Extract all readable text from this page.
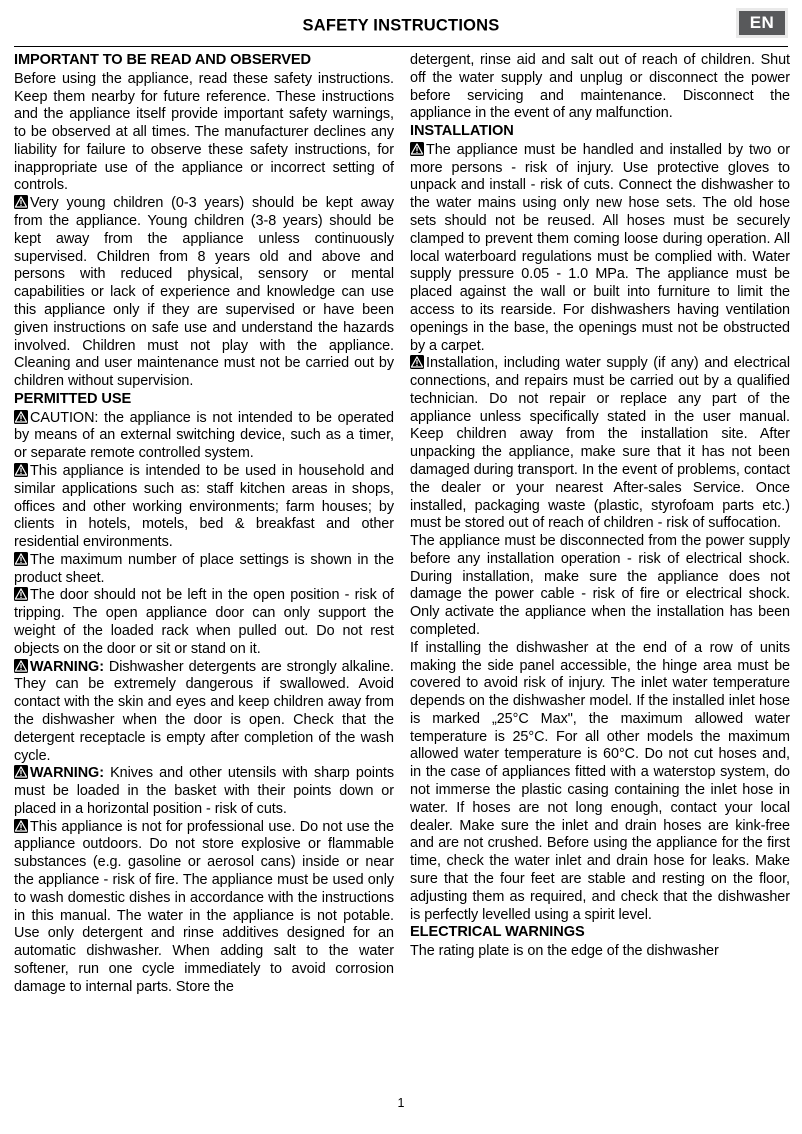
SAFETY INSTRUCTIONS	EN
IMPORTANT TO BE READ AND OBSERVED

Before using the appliance, read these safety instructions. Keep them nearby for future reference. These instructions and the appliance itself provide important safety warnings, to be observed at all times. The manufacturer declines any liability for failure to observe these safety instructions, for inappropriate use of the appliance or incorrect setting of controls.

Very young children (0-3 years) should be kept away from the appliance. Young children (3-8 years) should be kept away from the appliance unless continuously supervised. Children from 8 years old and above and persons with reduced physical, sensory or mental capabilities or lack of experience and knowledge can use this appliance only if they are supervised or have been given instructions on safe use and understand the hazards involved. Children must not play with the appliance. Cleaning and user maintenance must not be carried out by children without supervision.

PERMITTED USE

CAUTION: the appliance is not intended to be operated by means of an external switching device, such as a timer, or separate remote controlled system.

This appliance is intended to be used in household and similar applications such as: staff kitchen areas in shops, offices and other working environments; farm houses; by clients in hotels, motels, bed & breakfast and other residential environments.

The maximum number of place settings is shown in the product sheet.

The door should not be left in the open position - risk of tripping. The open appliance door can only support the weight of the loaded rack when pulled out. Do not rest objects on the door or sit or stand on it.

WARNING: Dishwasher detergents are strongly alkaline. They can be extremely dangerous if swallowed. Avoid contact with the skin and eyes and keep children away from the dishwasher when the door is open. Check that the detergent receptacle is empty after completion of the wash cycle.

WARNING: Knives and other utensils with sharp points must be loaded in the basket with their points down or placed in a horizontal position - risk of cuts.

This appliance is not for professional use. Do not use the appliance outdoors. Do not store explosive or flammable substances (e.g. gasoline or aerosol cans) inside or near the appliance - risk of fire. The appliance must be used only to wash domestic dishes in accordance with the instructions in this manual. The water in the appliance is not potable. Use only detergent and rinse additives designed for an automatic dishwasher. When adding salt to the water softener, run one cycle immediately to avoid corrosion damage to internal parts. Store the

detergent, rinse aid and salt out of reach of children. Shut off the water supply and unplug or disconnect the power before servicing and maintenance. Disconnect the appliance in the event of any malfunction.

INSTALLATION

The appliance must be handled and installed by two or more persons - risk of injury. Use protective gloves to unpack and install - risk of cuts. Connect the dishwasher to the water mains using only new hose sets. The old hose sets should not be reused. All hoses must be securely clamped to prevent them coming loose during operation. All local waterboard regulations must be complied with. Water supply pressure 0.05 - 1.0 MPa. The appliance must be placed against the wall or built into furniture to limit the access to its rearside. For dishwashers having ventilation openings in the base, the openings must not be obstructed by a carpet.

Installation, including water supply (if any) and electrical connections, and repairs must be carried out by a qualified technician. Do not repair or replace any part of the appliance unless specifically stated in the user manual. Keep children away from the installation site. After unpacking the appliance, make sure that it has not been damaged during transport. In the event of problems, contact the dealer or your nearest After-sales Service. Once installed, packaging waste (plastic, styrofoam parts etc.) must be stored out of reach of children - risk of suffocation.

The appliance must be disconnected from the power supply before any installation operation - risk of electrical shock. During installation, make sure the appliance does not damage the power cable - risk of fire or electrical shock. Only activate the appliance when the installation has been completed.

If installing the dishwasher at the end of a row of units making the side panel accessible, the hinge area must be covered to avoid risk of injury. The inlet water temperature depends on the dishwasher model. If the installed inlet hose is marked „25°C Max", the maximum allowed water temperature is 25°C. For all other models the maximum allowed water temperature is 60°C. Do not cut hoses and, in the case of appliances fitted with a waterstop system, do not immerse the plastic casing containing the inlet hose in water. If hoses are not long enough, contact your local dealer. Make sure the inlet and drain hoses are kink-free and are not crushed. Before using the appliance for the first time, check the water inlet and drain hose for leaks. Make sure that the four feet are stable and resting on the floor, adjusting them as required, and check that the dishwasher is perfectly levelled using a spirit level.

ELECTRICAL WARNINGS

The rating plate is on the edge of the dishwasher

1
